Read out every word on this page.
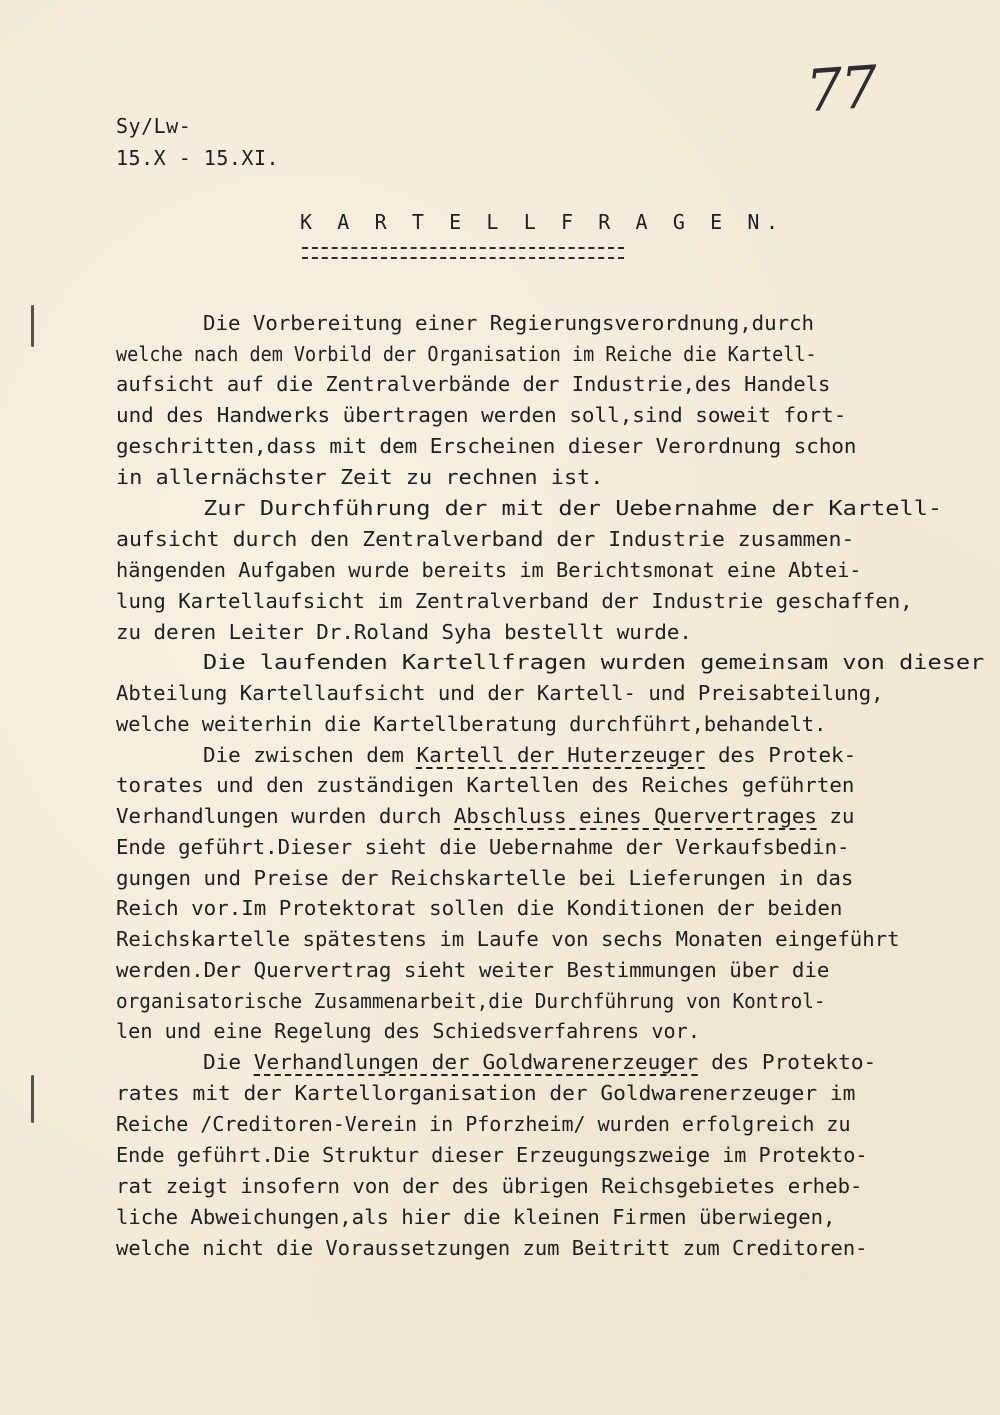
77
Sy/Lw-
15.X - 15.XI.
K A R T E L L F R A G E N.
Die Vorbereitung einer Regierungsverordnung,durch
welche nach dem Vorbild der Organisation im Reiche die Kartell-
aufsicht auf die Zentralverbände der Industrie,des Handels
und des Handwerks übertragen werden soll,sind soweit fort-
geschritten,dass mit dem Erscheinen dieser Verordnung schon
in allernächster Zeit zu rechnen ist.
Zur Durchführung der mit der Uebernahme der Kartell-
aufsicht durch den Zentralverband der Industrie zusammen-
hängenden Aufgaben wurde bereits im Berichtsmonat eine Abtei-
lung Kartellaufsicht im Zentralverband der Industrie geschaffen,
zu deren Leiter Dr.Roland Syha bestellt wurde.
Die laufenden Kartellfragen wurden gemeinsam von dieser
Abteilung Kartellaufsicht und der Kartell- und Preisabteilung,
welche weiterhin die Kartellberatung durchführt,behandelt.
Die zwischen dem Kartell der Huterzeuger des Protek-
torates und den zuständigen Kartellen des Reiches geführten
Verhandlungen wurden durch Abschluss eines Quervertrages zu
Ende geführt.Dieser sieht die Uebernahme der Verkaufsbedin-
gungen und Preise der Reichskartelle bei Lieferungen in das
Reich vor.Im Protektorat sollen die Konditionen der beiden
Reichskartelle spätestens im Laufe von sechs Monaten eingeführt
werden.Der Quervertrag sieht weiter Bestimmungen über die
organisatorische Zusammenarbeit,die Durchführung von Kontrol-
len und eine Regelung des Schiedsverfahrens vor.
Die Verhandlungen der Goldwarenerzeuger des Protekto-
rates mit der Kartellorganisation der Goldwarenerzeuger im
Reiche /Creditoren-Verein in Pforzheim/ wurden erfolgreich zu
Ende geführt.Die Struktur dieser Erzeugungszweige im Protekto-
rat zeigt insofern von der des übrigen Reichsgebietes erheb-
liche Abweichungen,als hier die kleinen Firmen überwiegen,
welche nicht die Voraussetzungen zum Beitritt zum Creditoren-
